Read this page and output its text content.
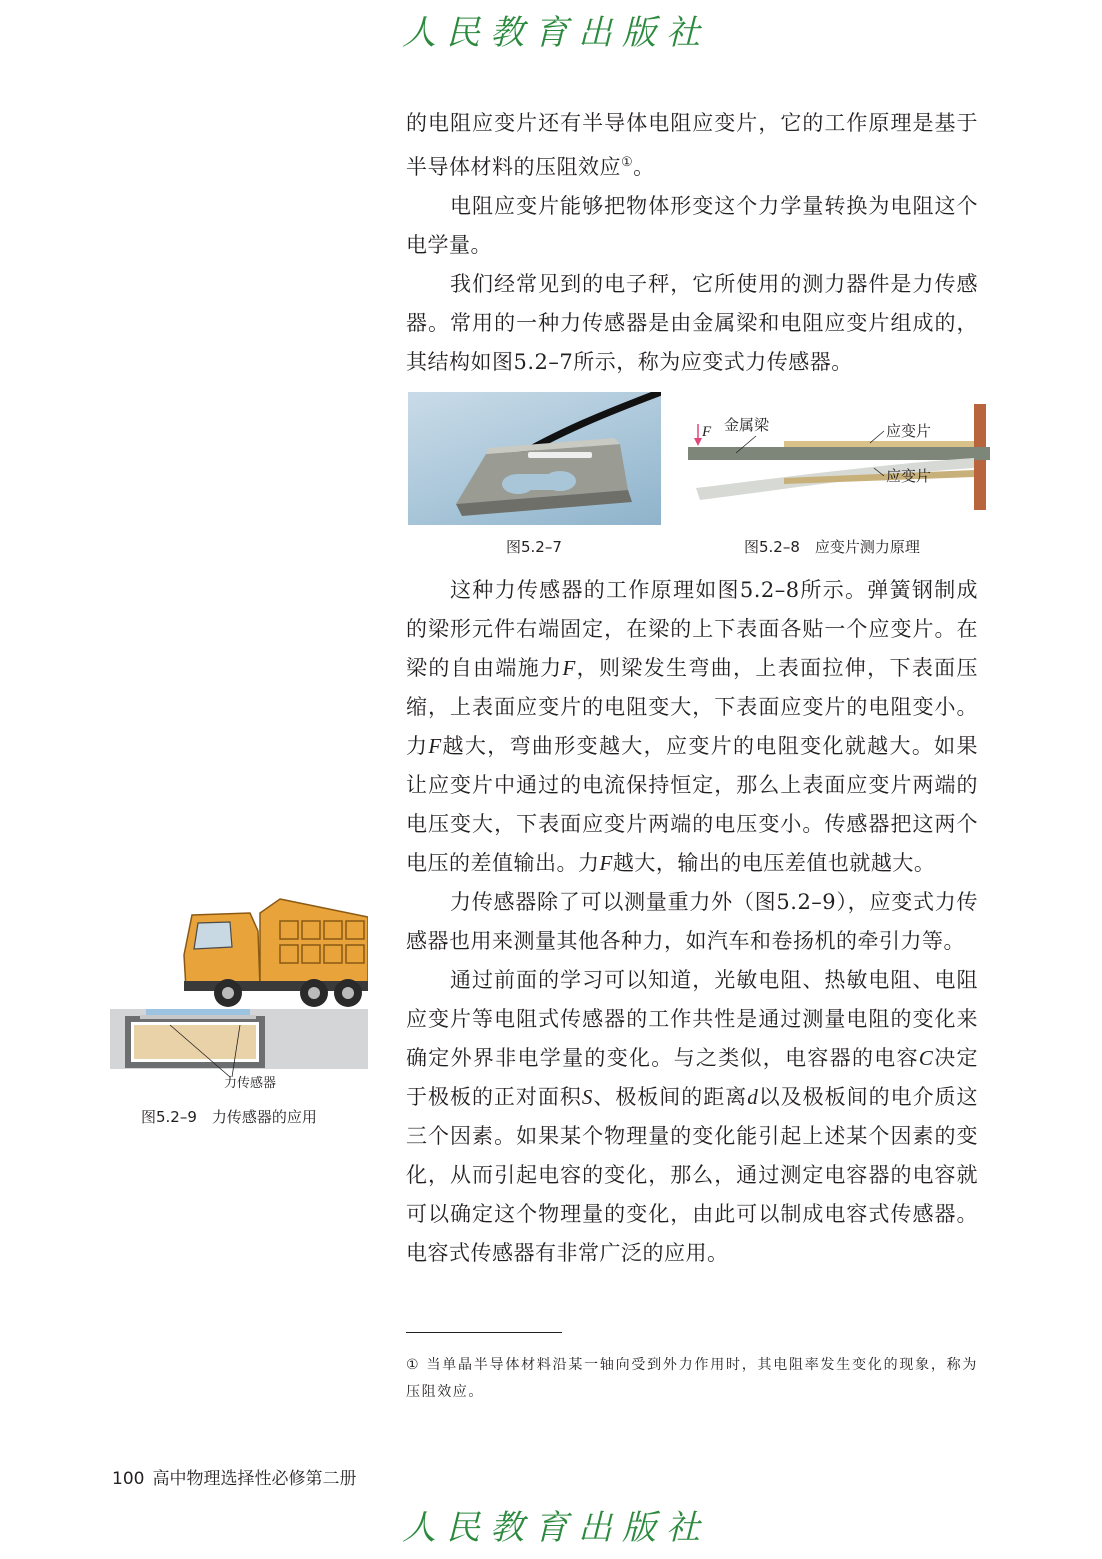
人民教育出版社

的电阻应变片还有半导体电阻应变片，它的工作原理是基于半导体材料的压阻效应①。

电阻应变片能够把物体形变这个力学量转换为电阻这个电学量。

我们经常见到的电子秤，它所使用的测力器件是力传感器。常用的一种力传感器是由金属梁和电阻应变片组成的，其结构如图5.2–7所示，称为应变式力传感器。

F 金属梁	应变片
应变片
图5.2–7	图5.2–8　应变片测力原理

这种力传感器的工作原理如图5.2–8所示。弹簧钢制成的梁形元件右端固定，在梁的上下表面各贴一个应变片。在梁的自由端施力F，则梁发生弯曲，上表面拉伸，下表面压缩，上表面应变片的电阻变大，下表面应变片的电阻变小。力F越大，弯曲形变越大，应变片的电阻变化就越大。如果让应变片中通过的电流保持恒定，那么上表面应变片两端的电压变大，下表面应变片两端的电压变小。传感器把这两个电压的差值输出。力F越大，输出的电压差值也就越大。

力传感器除了可以测量重力外（图5.2–9），应变式力传感器也用来测量其他各种力，如汽车和卷扬机的牵引力等。

通过前面的学习可以知道，光敏电阻、热敏电阻、电阻应变片等电阻式传感器的工作共性是通过测量电阻的变化来确定外界非电学量的变化。与之类似，电容器的电容C决定于极板的正对面积S、极板间的距离d以及极板间的电介质这三个因素。如果某个物理量的变化能引起上述某个因素的变化，从而引起电容的变化，那么，通过测定电容器的电容就可以确定这个物理量的变化，由此可以制成电容式传感器。电容式传感器有非常广泛的应用。

力传感器
图5.2–9　力传感器的应用
① 当单晶半导体材料沿某一轴向受到外力作用时，其电阻率发生变化的现象，称为压阻效应。
100 高中物理选择性必修第二册
人民教育出版社
